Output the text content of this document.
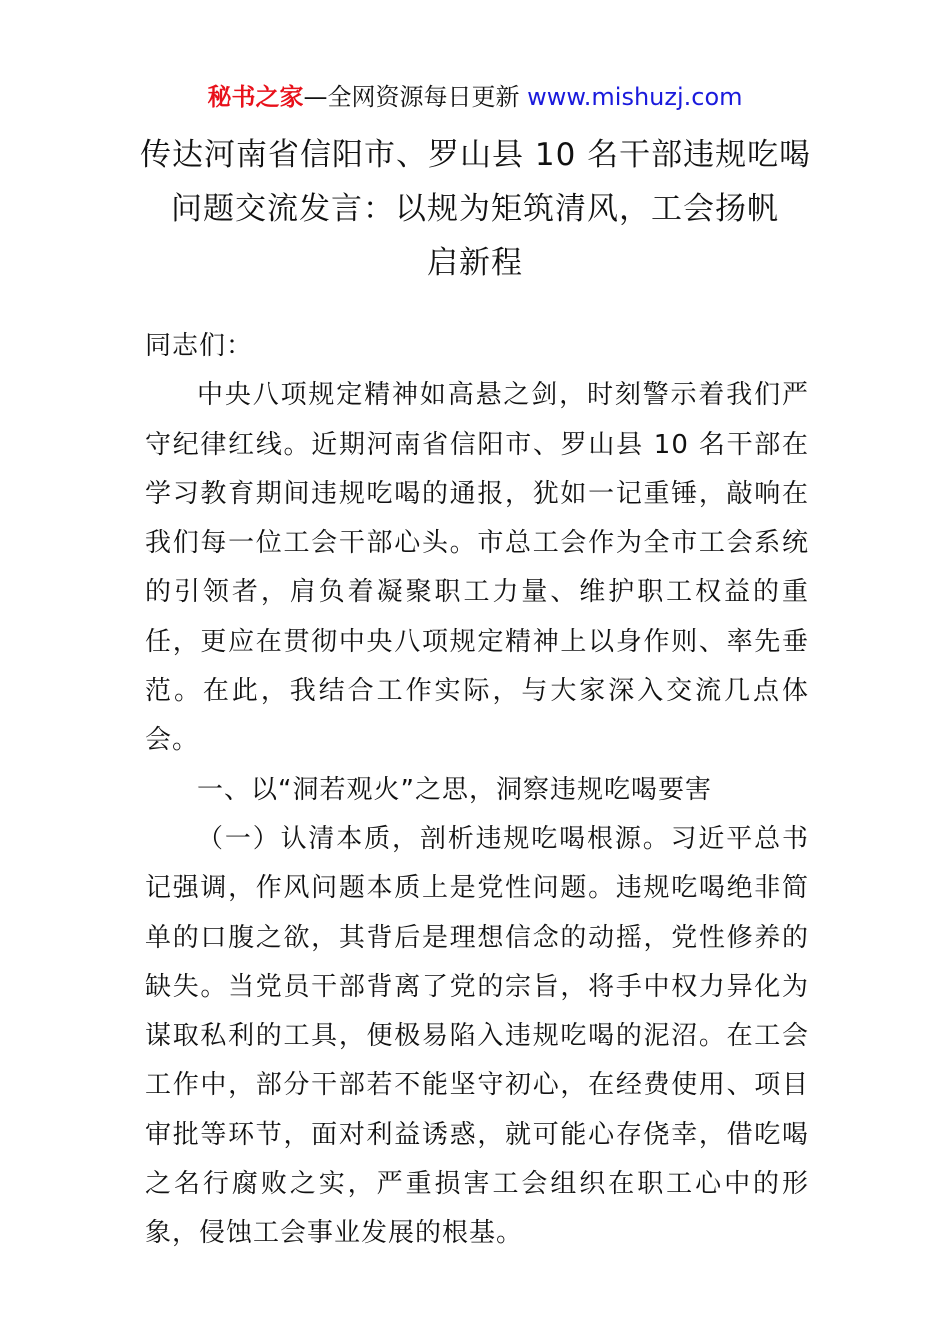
秘书之家—全网资源每日更新 www.mishuzj.com
传达河南省信阳市、罗山县 10 名干部违规吃喝
问题交流发言：以规为矩筑清风，工会扬帆
启新程

同志们：

中央八项规定精神如高悬之剑，时刻警示着我们严守纪律红线。近期河南省信阳市、罗山县 10 名干部在学习教育期间违规吃喝的通报，犹如一记重锤，敲响在我们每一位工会干部心头。市总工会作为全市工会系统的引领者，肩负着凝聚职工力量、维护职工权益的重任，更应在贯彻中央八项规定精神上以身作则、率先垂范。在此，我结合工作实际，与大家深入交流几点体会。

一、以“洞若观火”之思，洞察违规吃喝要害

（一）认清本质，剖析违规吃喝根源。习近平总书记强调，作风问题本质上是党性问题。违规吃喝绝非简单的口腹之欲，其背后是理想信念的动摇，党性修养的缺失。当党员干部背离了党的宗旨，将手中权力异化为谋取私利的工具，便极易陷入违规吃喝的泥沼。在工会工作中，部分干部若不能坚守初心，在经费使用、项目审批等环节，面对利益诱惑，就可能心存侥幸，借吃喝之名行腐败之实，严重损害工会组织在职工心中的形象，侵蚀工会事业发展的根基。
